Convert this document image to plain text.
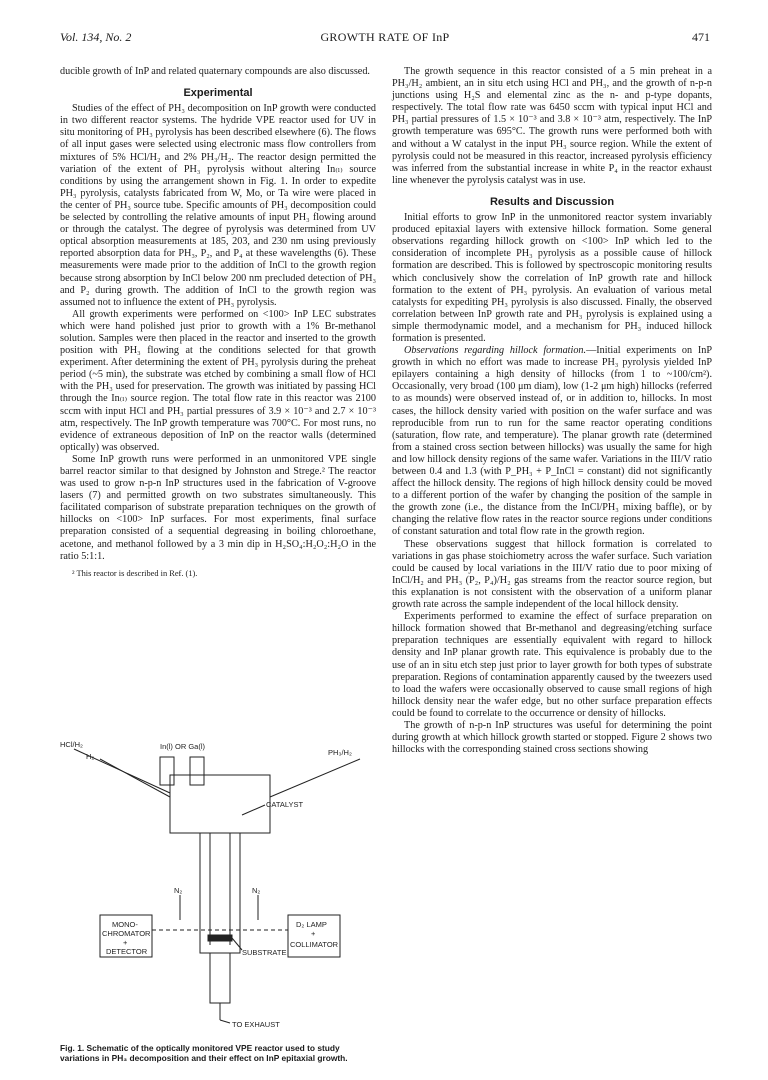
Vol. 134, No. 2	GROWTH RATE OF InP	471

ducible growth of InP and related quaternary compounds are also discussed.

Experimental

Studies of the effect of PH₃ decomposition on InP growth were conducted in two different reactor systems. The hydride VPE reactor used for UV in situ monitoring of PH₃ pyrolysis has been described elsewhere (6). The flows of all input gases were selected using electronic mass flow controllers from mixtures of 5% HCl/H₂ and 2% PH₃/H₂. The reactor design permitted the variation of the extent of PH₃ pyrolysis without altering In₍ₗ₎ source conditions by using the arrangement shown in Fig. 1. In order to expedite PH₃ pyrolysis, catalysts fabricated from W, Mo, or Ta wire were placed in the center of PH₃ source tube. Specific amounts of PH₃ decomposition could be selected by controlling the relative amounts of input PH₃ flowing around or through the catalyst. The degree of pyrolysis was determined from UV optical absorption measurements at 185, 203, and 230 nm using previously reported absorption data for PH₃, P₂, and P₄ at these wavelengths (6). These measurements were made prior to the addition of InCl to the growth region because strong absorption by InCl below 200 nm precluded detection of PH₃ and P₂ during growth. The addition of InCl to the growth region was assumed not to influence the extent of PH₃ pyrolysis.

All growth experiments were performed on <100> InP LEC substrates which were hand polished just prior to growth with a 1% Br-methanol solution. Samples were then placed in the reactor and inserted to the growth position with PH₃ flowing at the conditions selected for that growth experiment. After determining the extent of PH₃ pyrolysis during the preheat period (~5 min), the substrate was etched by combining a small flow of HCl with the PH₃ used for preservation. The growth was initiated by passing HCl through the In₍ₗ₎ source region. The total flow rate in this reactor was 2100 sccm with input HCl and PH₃ partial pressures of 3.9 × 10⁻³ and 2.7 × 10⁻³ atm, respectively. The InP growth temperature was 700°C. For most runs, no evidence of extraneous deposition of InP on the reactor walls (determined optically) was observed.

Some InP growth runs were performed in an unmonitored VPE single barrel reactor similar to that designed by Johnston and Strege.² The reactor was used to grow n-p-n InP structures used in the fabrication of V-groove lasers (7) and permitted growth on two substrates simultaneously. This facilitated comparison of substrate preparation techniques on the growth of hillocks on <100> InP surfaces. For most experiments, final surface preparation consisted of a sequential degreasing in boiling chloroethane, acetone, and methanol followed by a 3 min dip in H₂SO₄:H₂O₂:H₂O in the ratio 5:1:1.

² This reactor is described in Ref. (1).
HCl/H₂
H₂
In(l) OR Ga(l)
PH₃/H₂
CATALYST
N₂	N₂
MONO-
CHROMATOR
+
DETECTOR
D₂ LAMP
+
COLLIMATOR
SUBSTRATE
TO EXHAUST
Fig. 1. Schematic of the optically monitored VPE reactor used to study variations in PH₃ decomposition and their effect on InP epitaxial growth.

The growth sequence in this reactor consisted of a 5 min preheat in a PH₃/H₂ ambient, an in situ etch using HCl and PH₃, and the growth of n-p-n junctions using H₂S and elemental zinc as the n- and p-type dopants, respectively. The total flow rate was 6450 sccm with typical input HCl and PH₃ partial pressures of 1.5 × 10⁻³ and 3.8 × 10⁻³ atm, respectively. The InP growth temperature was 695°C. The growth runs were performed both with and without a W catalyst in the input PH₃ source region. While the extent of pyrolysis could not be measured in this reactor, increased pyrolysis efficiency was inferred from the substantial increase in white P₄ in the reactor exhaust line whenever the pyrolysis catalyst was in use.

Results and Discussion

Initial efforts to grow InP in the unmonitored reactor system invariably produced epitaxial layers with extensive hillock formation. Some general observations regarding hillock growth on <100> InP which led to the consideration of incomplete PH₃ pyrolysis as a possible cause of hillock formation are described. This is followed by spectroscopic monitoring results which conclusively show the correlation of InP growth rate and hillock formation to the extent of PH₃ pyrolysis. An evaluation of various metal catalysts for expediting PH₃ pyrolysis is also discussed. Finally, the observed correlation between InP growth rate and PH₃ pyrolysis is explained using a simple thermodynamic model, and a mechanism for PH₃ induced hillock formation is presented.

Observations regarding hillock formation.—Initial experiments on InP growth in which no effort was made to increase PH₃ pyrolysis yielded InP epilayers containing a high density of hillocks (from 1 to ~100/cm²). Occasionally, very broad (100 μm diam), low (1-2 μm high) hillocks (referred to as mounds) were observed instead of, or in addition to, hillocks. In most cases, the hillock density varied with position on the wafer surface and was reproducible from run to run for the same reactor operating conditions (saturation, flow rate, and temperature). The planar growth rate (determined from a stained cross section between hillocks) was usually the same for high and low hillock density regions of the same wafer. Variations in the III/V ratio between 0.4 and 1.3 (with P_PH₃ + P_InCl = constant) did not significantly affect the hillock density. The regions of high hillock density could be moved to a different portion of the wafer by changing the position of the sample in the growth zone (i.e., the distance from the InCl/PH₃ mixing baffle), or by changing the relative flow rates in the reactor source regions under conditions of constant saturation and total flow rate in the growth region.

These observations suggest that hillock formation is correlated to variations in gas phase stoichiometry across the wafer surface. Such variation could be caused by local variations in the III/V ratio due to poor mixing of InCl/H₂ and PH₃ (P₂, P₄)/H₂ gas streams from the reactor source region, but this explanation is not consistent with the observation of a uniform planar growth rate across the sample independent of the local hillock density.

Experiments performed to examine the effect of surface preparation on hillock formation showed that Br-methanol and degreasing/etching surface preparation techniques are essentially equivalent with regard to hillock density and InP planar growth rate. This equivalence is probably due to the use of an in situ etch step just prior to layer growth for both types of substrate preparation. Regions of contamination apparently caused by the tweezers used to load the wafers were occasionally observed to cause small regions of high hillock density near the wafer edge, but no other surface preparation effects could be found to correlate to the occurrence or density of hillocks.

The growth of n-p-n InP structures was useful for determining the point during growth at which hillock growth started or stopped. Figure 2 shows two hillocks with the corresponding stained cross sections showing
